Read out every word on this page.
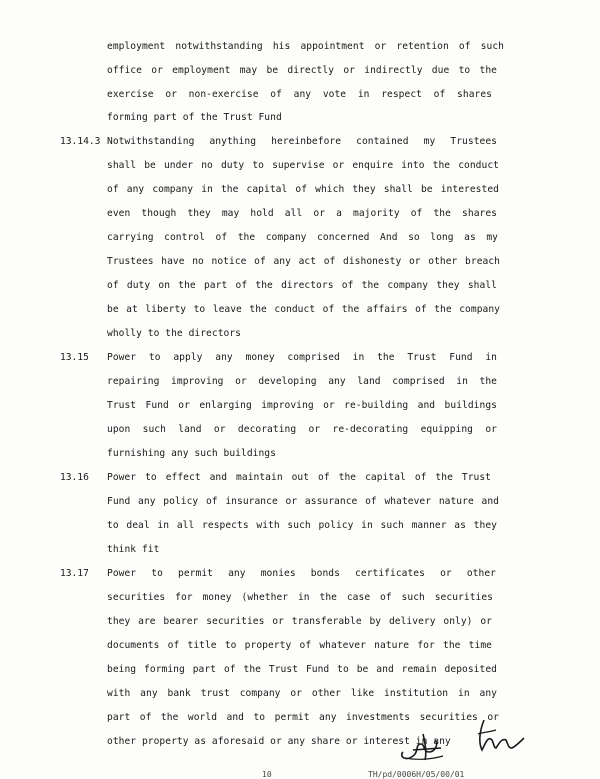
employment notwithstanding his appointment or retention of such
office or employment may be directly or indirectly due to the
exercise or non-exercise of any vote in respect of shares
forming part of the Trust Fund
13.14.3 Notwithstanding anything hereinbefore contained my Trustees
shall be under no duty to supervise or enquire into the conduct
of any company in the capital of which they shall be interested
even though they may hold all or a majority of the shares
carrying control of the company concerned And so long as my
Trustees have no notice of any act of dishonesty or other breach
of duty on the part of the directors of the company they shall
be at liberty to leave the conduct of the affairs of the company
wholly to the directors
13.15 Power to apply any money comprised in the Trust Fund in
repairing improving or developing any land comprised in the
Trust Fund or enlarging improving or re-building and buildings
upon such land or decorating or re-decorating equipping or
furnishing any such buildings
13.16 Power to effect and maintain out of the capital of the Trust
Fund any policy of insurance or assurance of whatever nature and
to deal in all respects with such policy in such manner as they
think fit
13.17 Power to permit any monies bonds certificates or other
securities for money (whether in the case of such securities
they are bearer securities or transferable by delivery only) or
documents of title to property of whatever nature for the time
being forming part of the Trust Fund to be and remain deposited
with any bank trust company or other like institution in any
part of the world and to permit any investments securities or
other property as aforesaid or any share or interest in any
10	TH/pd/0006H/05/00/01
